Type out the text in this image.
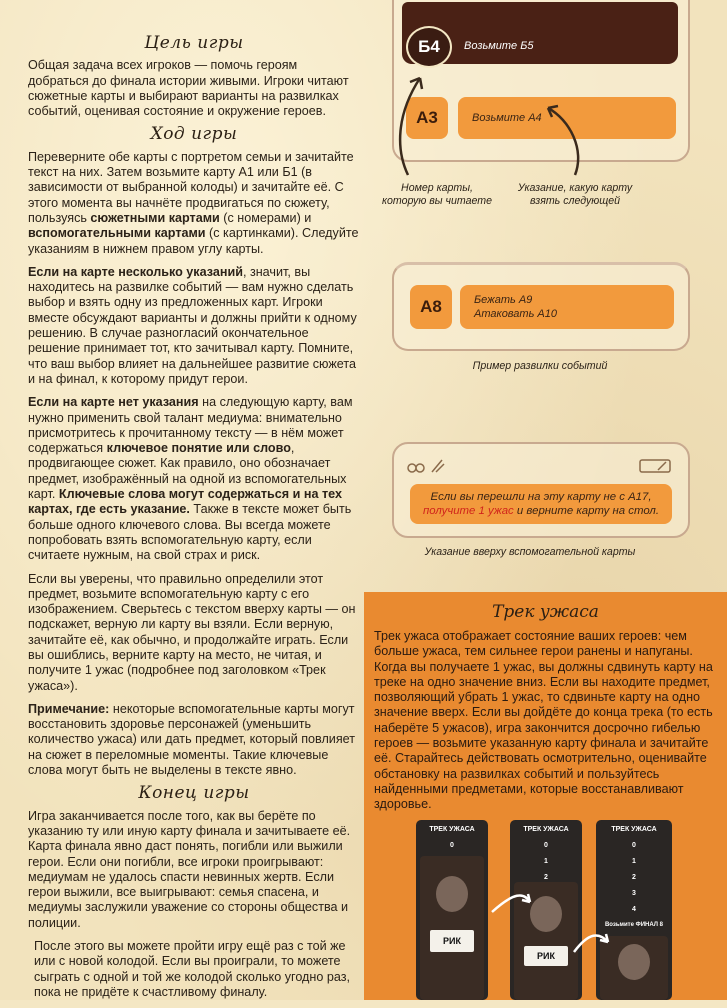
Цель игры

Общая задача всех игроков — помочь героям добраться до финала истории живыми. Игроки читают сюжетные карты и выбирают варианты на развилках событий, оценивая состояние и окружение героев.

Ход игры

Переверните обе карты с портретом семьи и зачитайте текст на них. Затем возьмите карту А1 или Б1 (в зависимости от выбранной колоды) и зачитайте её. С этого момента вы начнёте продвигаться по сюжету, пользуясь сюжетными картами (с номерами) и вспомогательными картами (с картинками). Следуйте указаниям в нижнем правом углу карты.

Если на карте несколько указаний, значит, вы находитесь на развилке событий — вам нужно сделать выбор и взять одну из предложенных карт. Игроки вместе обсуждают варианты и должны прийти к одному решению. В случае разногласий окончательное решение принимает тот, кто зачитывал карту. Помните, что ваш выбор влияет на дальнейшее развитие сюжета и на финал, к которому придут герои.

Если на карте нет указания на следующую карту, вам нужно применить свой талант медиума: внимательно присмотритесь к прочитанному тексту — в нём может содержаться ключевое понятие или слово, продвигающее сюжет. Как правило, оно обозначает предмет, изображённый на одной из вспомогательных карт. Ключевые слова могут содержаться и на тех картах, где есть указание. Также в тексте может быть больше одного ключевого слова. Вы всегда можете попробовать взять вспомогательную карту, если считаете нужным, на свой страх и риск.

Если вы уверены, что правильно определили этот предмет, возьмите вспомогательную карту с его изображением. Сверьтесь с текстом вверху карты — он подскажет, верную ли карту вы взяли. Если верную, зачитайте её, как обычно, и продолжайте играть. Если вы ошиблись, верните карту на место, не читая, и получите 1 ужас (подробнее под заголовком «Трек ужаса»).

Примечание: некоторые вспомогательные карты могут восстановить здоровье персонажей (уменьшить количество ужаса) или дать предмет, который повлияет на сюжет в переломные моменты. Такие ключевые слова могут быть не выделены в тексте явно.

Конец игры

Игра заканчивается после того, как вы берёте по указанию ту или иную карту финала и зачитываете её. Карта финала явно даст понять, погибли или выжили герои. Если они погибли, все игроки проигрывают: медиумам не удалось спасти невинных жертв. Если герои выжили, все выигрывают: семья спасена, и медиумы заслужили уважение со стороны общества и полиции.

После этого вы можете пройти игру ещё раз с той же или с новой колодой. Если вы проиграли, то можете сыграть с одной и той же колодой сколько угодно раз, пока не придёте к счастливому финалу.

Б4	Возьмите Б5
А3	Возьмите А4
Номер карты, которую вы читаете
Указание, какую карту взять следующей
А8	Бежать А9
Атаковать А10
Пример развилки событий
Если вы перешли на эту карту не с А17,
получите 1 ужас и верните карту на стол.
Указание вверху вспомогательной карты
Трек ужаса
Трек ужаса отображает состояние ваших героев: чем больше ужаса, тем сильнее герои ранены и напуганы. Когда вы получаете 1 ужас, вы должны сдвинуть карту на треке на одно значение вниз. Если вы находите предмет, позволяющий убрать 1 ужас, то сдвиньте карту на одно значение вверх. Если вы дойдёте до конца трека (то есть наберёте 5 ужасов), игра закончится досрочно гибелью героев — возьмите указанную карту финала и зачитайте её. Старайтесь действовать осмотрительно, оценивайте обстановку на развилках событий и пользуйтесь найденными предметами, которые восстанавливают здоровье.
ТРЕК УЖАСА
0
РИК
ТРЕК УЖАСА
0
1
2
РИК
ТРЕК УЖАСА
0
1
2
3
4
Возьмите ФИНАЛ 8
